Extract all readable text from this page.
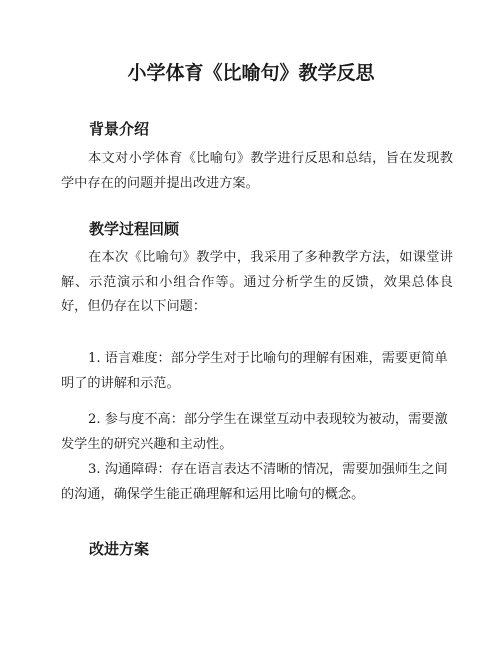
小学体育《比喻句》教学反思
背景介绍
本文对小学体育《比喻句》教学进行反思和总结，旨在发现教学中存在的问题并提出改进方案。
教学过程回顾
在本次《比喻句》教学中，我采用了多种教学方法，如课堂讲解、示范演示和小组合作等。通过分析学生的反馈，效果总体良好，但仍存在以下问题：
1. 语言难度：部分学生对于比喻句的理解有困难，需要更简单明了的讲解和示范。
2. 参与度不高：部分学生在课堂互动中表现较为被动，需要激发学生的研究兴趣和主动性。
3. 沟通障碍：存在语言表达不清晰的情况，需要加强师生之间的沟通，确保学生能正确理解和运用比喻句的概念。
改进方案
